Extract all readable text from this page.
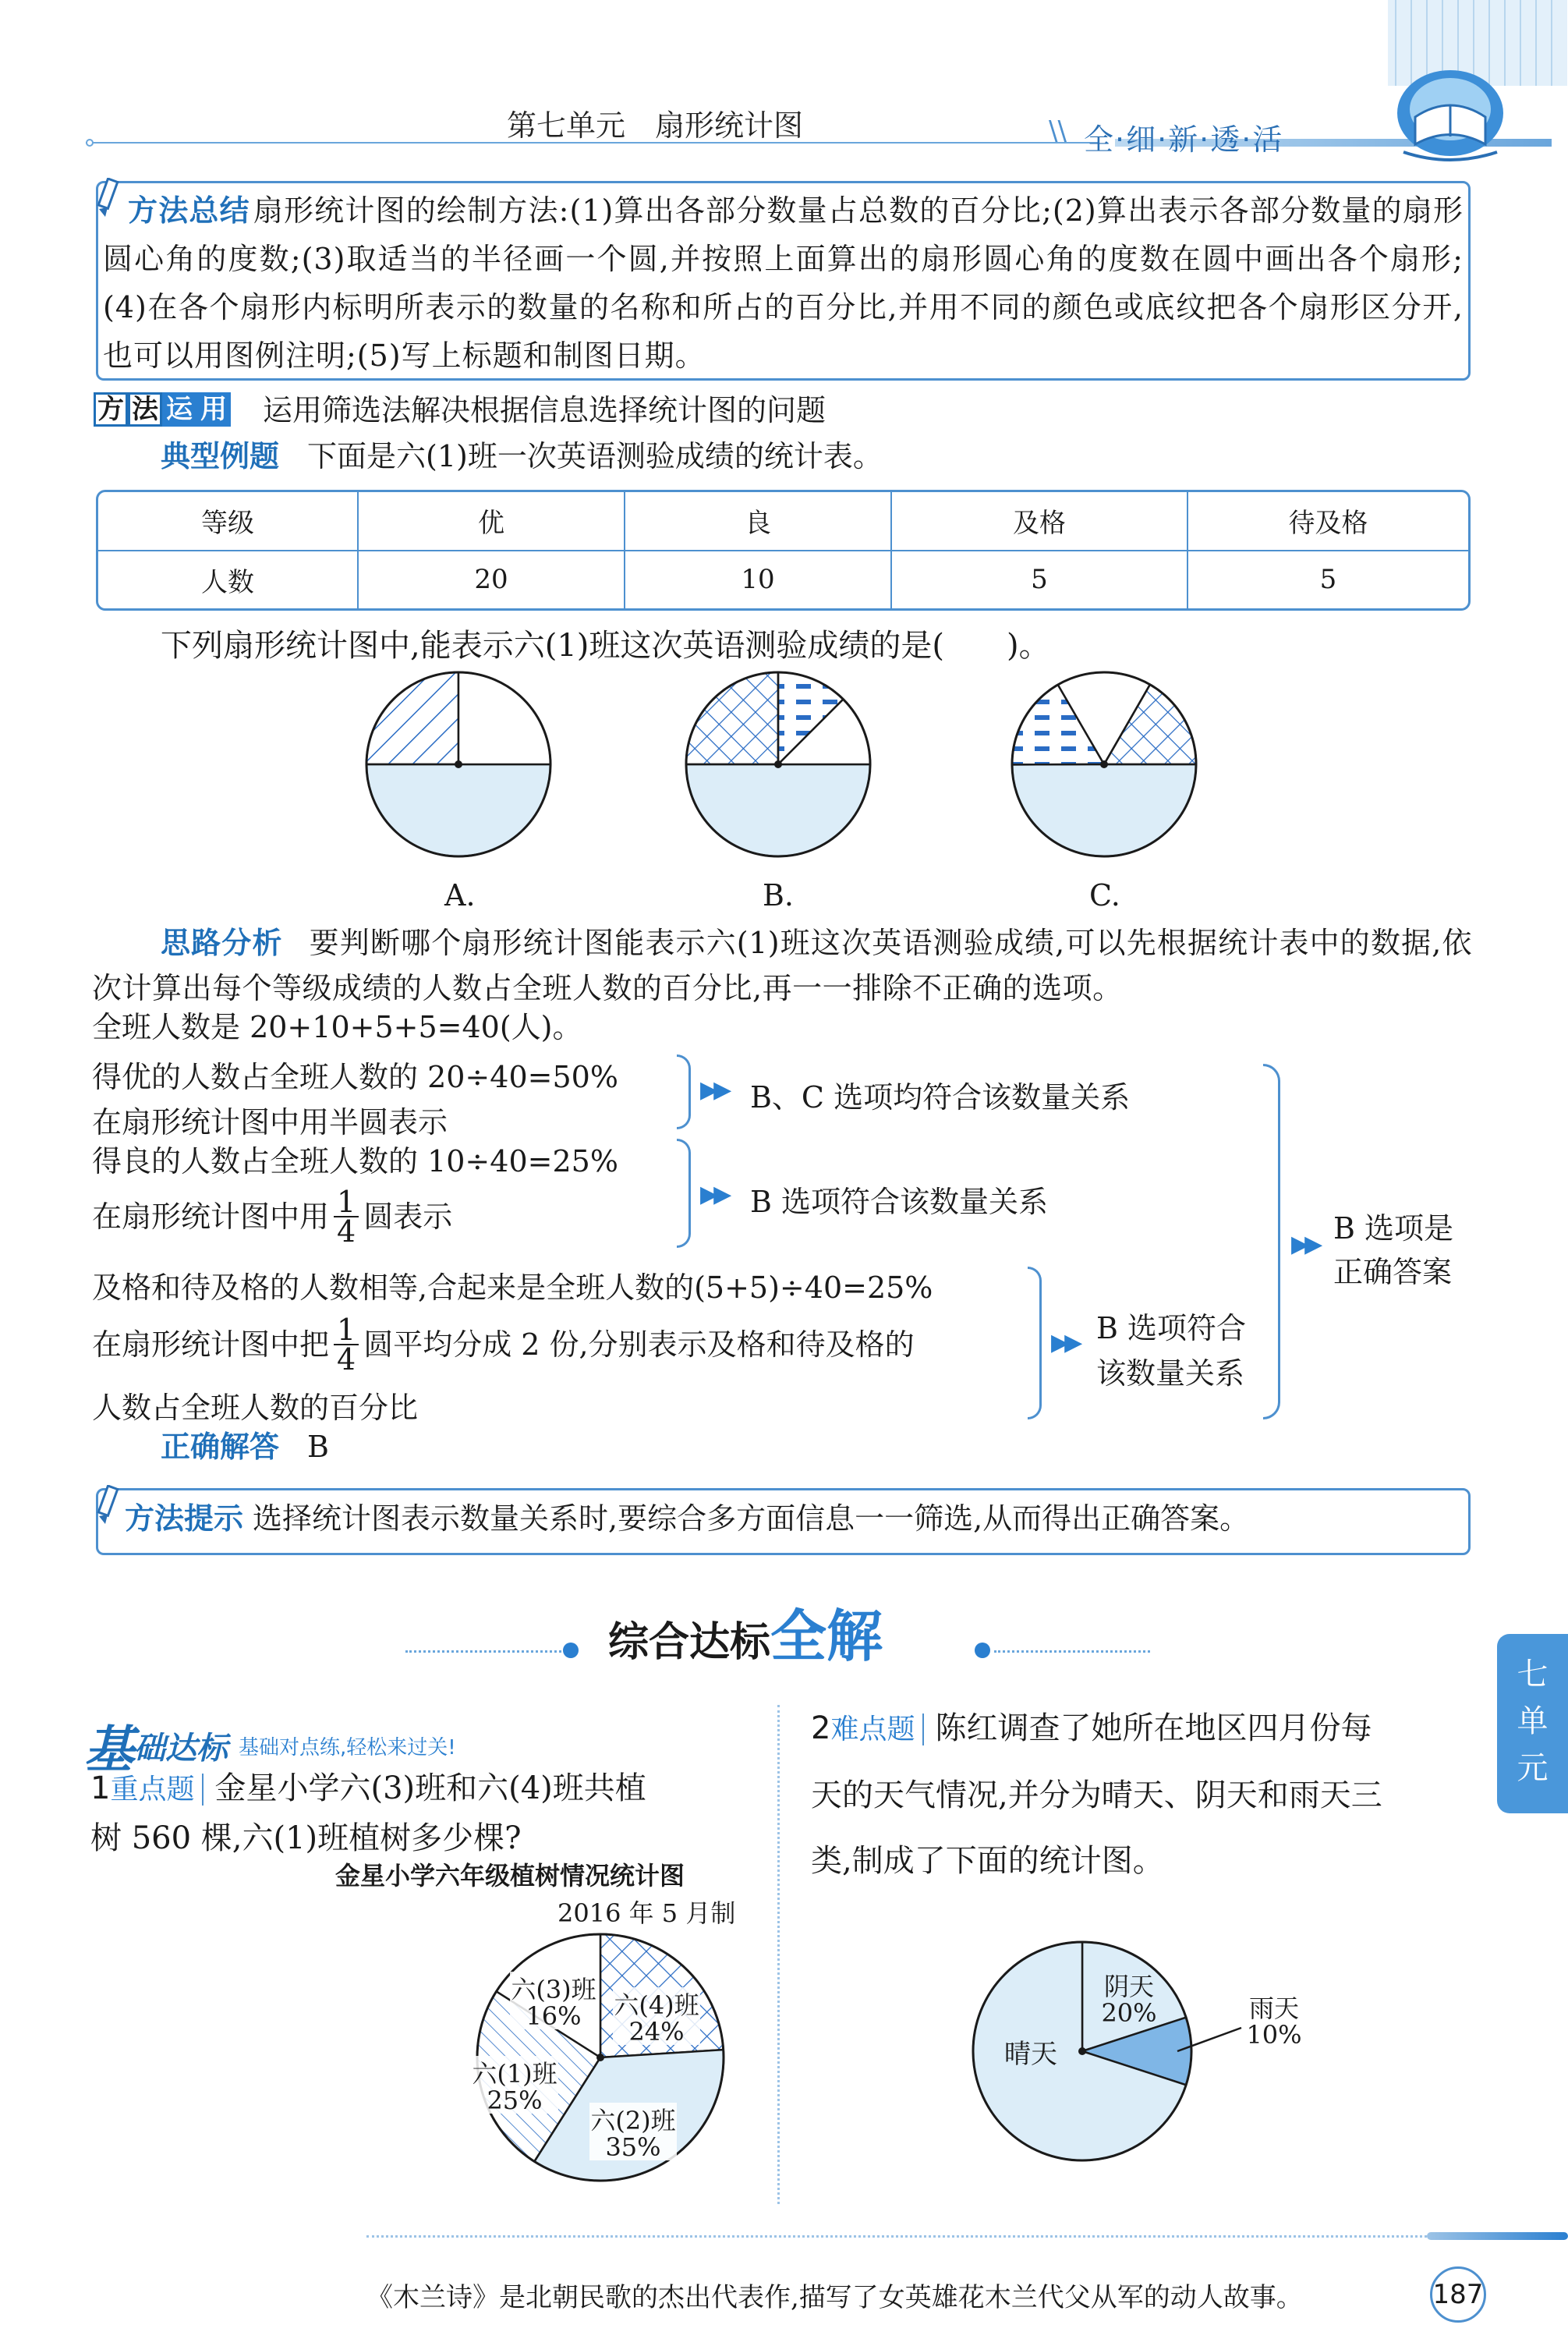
第七单元　扇形统计图	\\ 全·细·新·透·活
方法总结 扇形统计图的绘制方法:(1)算出各部分数量占总数的百分比;(2)算出表示各部分数量的扇形圆心角的度数;(3)取适当的半径画一个圆,并按照上面算出的扇形圆心角的度数在圆中画出各个扇形;(4)在各个扇形内标明所表示的数量的名称和所占的百分比,并用不同的颜色或底纹把各个扇形区分开,也可以用图例注明;(5)写上标题和制图日期。
方 法 运 用 运用筛选法解决根据信息选择统计图的问题
典型例题 下面是六(1)班一次英语测验成绩的统计表。
等级	优	良	及格	待及格
人数	20	10	5	5
下列扇形统计图中,能表示六(1)班这次英语测验成绩的是(　　)。
A.	B.	C.
思路分析 要判断哪个扇形统计图能表示六(1)班这次英语测验成绩,可以先根据统计表中的数据,依次计算出每个等级成绩的人数占全班人数的百分比,再一一排除不正确的选项。
全班人数是 20+10+5+5=40(人)。
得优的人数占全班人数的 20÷40=50%
在扇形统计图中用半圆表示
▶▶ B、C 选项均符合该数量关系
得良的人数占全班人数的 10÷40=25%
在扇形统计图中用 $\frac{1}{4}$ 圆表示
▶▶ B 选项符合该数量关系
及格和待及格的人数相等,合起来是全班人数的(5+5)÷40=25%
在扇形统计图中把 $\frac{1}{4}$ 圆平均分成 2 份,分别表示及格和待及格的
人数占全班人数的百分比
▶▶ B 选项符合
该数量关系
▶▶ B 选项是
正确答案
正确解答 B
方法提示 选择统计图表示数量关系时,要综合多方面信息一一筛选,从而得出正确答案。
综合达标全解
七
单
元
基 础达标 基础对点练,轻松来过关!
1重点题 金星小学六(3)班和六(4)班共植
树 560 棵,六(1)班植树多少棵?
金星小学六年级植树情况统计图
2016 年 5 月制
六(4)班
24%
六(2)班
35%
六(1)班
25%
六(3)班
16%
2难点题 陈红调查了她所在地区四月份每
天的天气情况,并分为晴天、阴天和雨天三
类,制成了下面的统计图。
晴天
阴天
20%	雨天
10%
《木兰诗》是北朝民歌的杰出代表作,描写了女英雄花木兰代父从军的动人故事。	187
